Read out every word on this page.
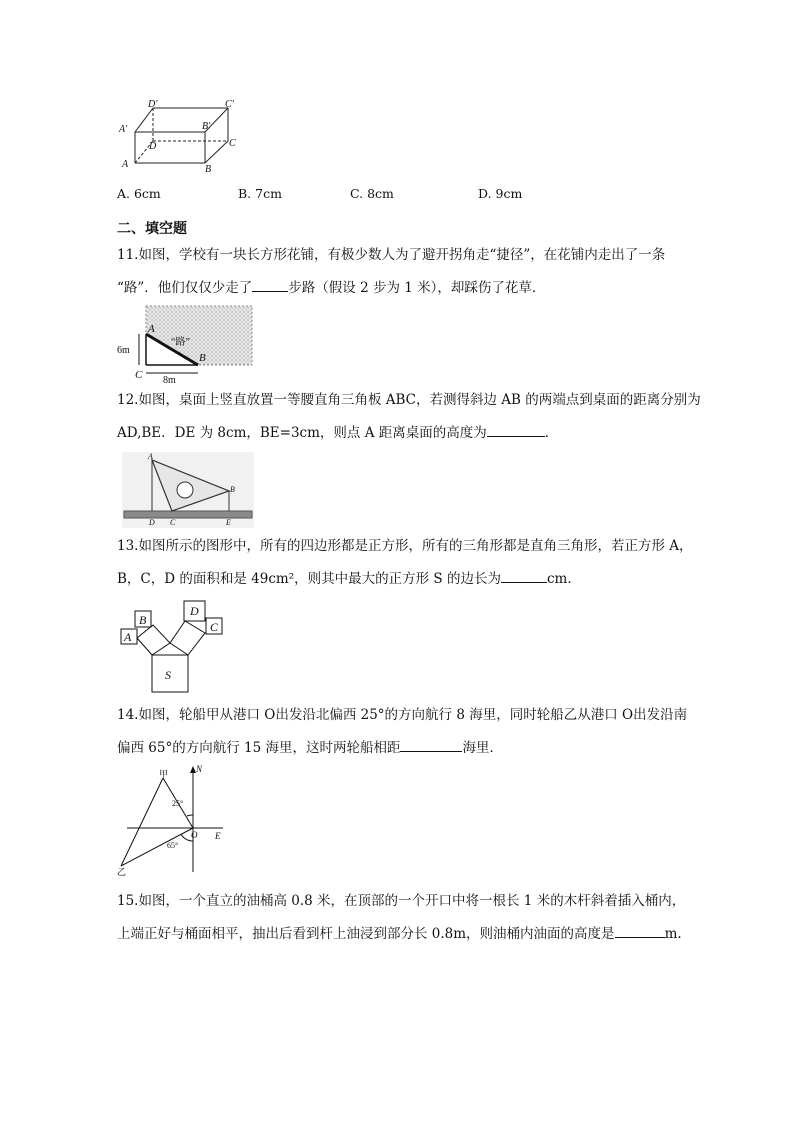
D'	C'
A'	B'
D	C
A	B
A. 6cm	B. 7cm	C. 8cm	D. 9cm
二、填空题
11.如图，学校有一块长方形花铺，有极少数人为了避开拐角走“捷径”，在花铺内走出了一条
“路”．他们仅仅少走了	步路（假设 2 步为 1 米），却踩伤了花草．
A
B
C
“路”
6m
8m
12.如图，桌面上竖直放置一等腰直角三角板 ABC，若测得斜边 AB 的两端点到桌面的距离分别为
AD,BE．DE 为 8cm，BE=3cm，则点 A 距离桌面的高度为	．
A
B
C
D	E
13.如图所示的图形中，所有的四边形都是正方形，所有的三角形都是直角三角形，若正方形 A，
B，C，D 的面积和是 49cm²，则其中最大的正方形 S 的边长为	cm．
S
D
C
B
A
14.如图，轮船甲从港口 O出发沿北偏西 25°的方向航行 8 海里，同时轮船乙从港口 O出发沿南
偏西 65°的方向航行 15 海里，这时两轮船相距	海里．
甲
乙
N
E
O
25°
65°
15.如图，一个直立的油桶高 0.8 米，在顶部的一个开口中将一根长 1 米的木杆斜着插入桶内，
上端正好与桶面相平，抽出后看到杆上油浸到部分长 0.8m，则油桶内油面的高度是	m.
